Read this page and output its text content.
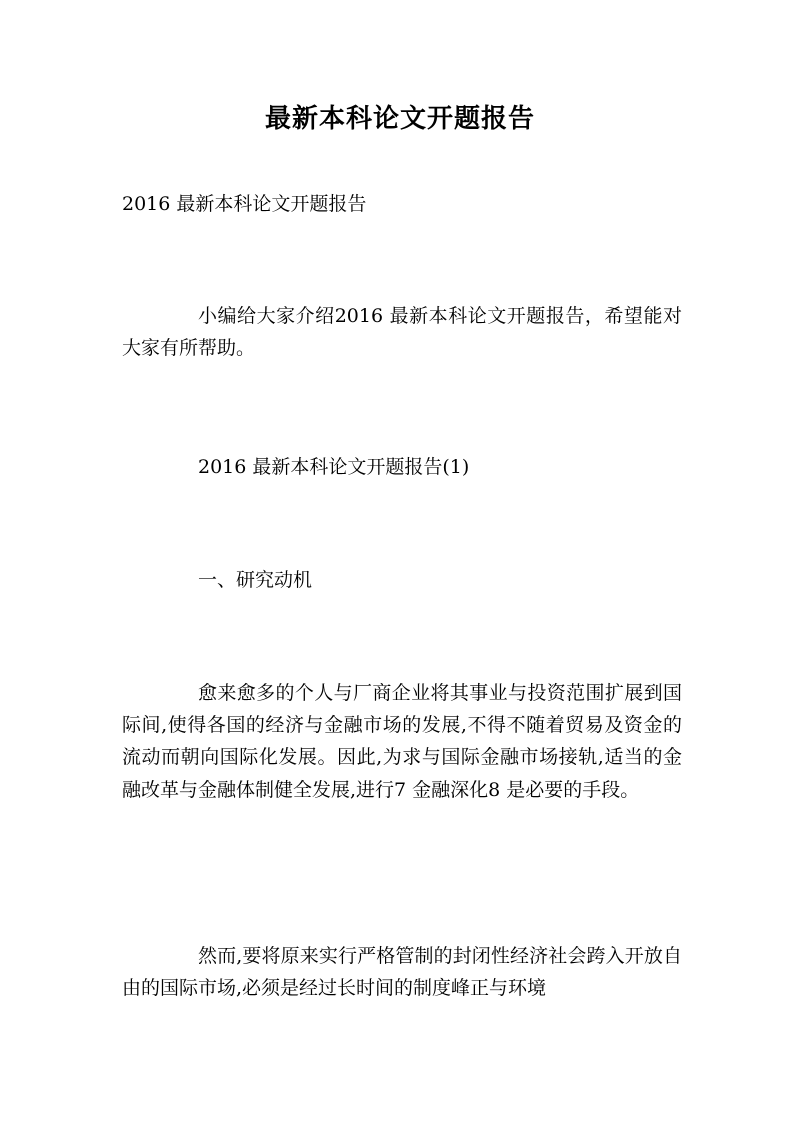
最新本科论文开题报告
2016 最新本科论文开题报告
小编给大家介绍2016 最新本科论文开题报告，希望能对大家有所帮助。
2016 最新本科论文开题报告(1)
一、研究动机
愈来愈多的个人与厂商企业将其事业与投资范围扩展到国际间,使得各国的经济与金融市场的发展,不得不随着贸易及资金的流动而朝向国际化发展。因此,为求与国际金融市场接轨,适当的金融改革与金融体制健全发展,进行7 金融深化8 是必要的手段。
然而,要将原来实行严格管制的封闭性经济社会跨入开放自由的国际市场,必须是经过长时间的制度峰正与环境
